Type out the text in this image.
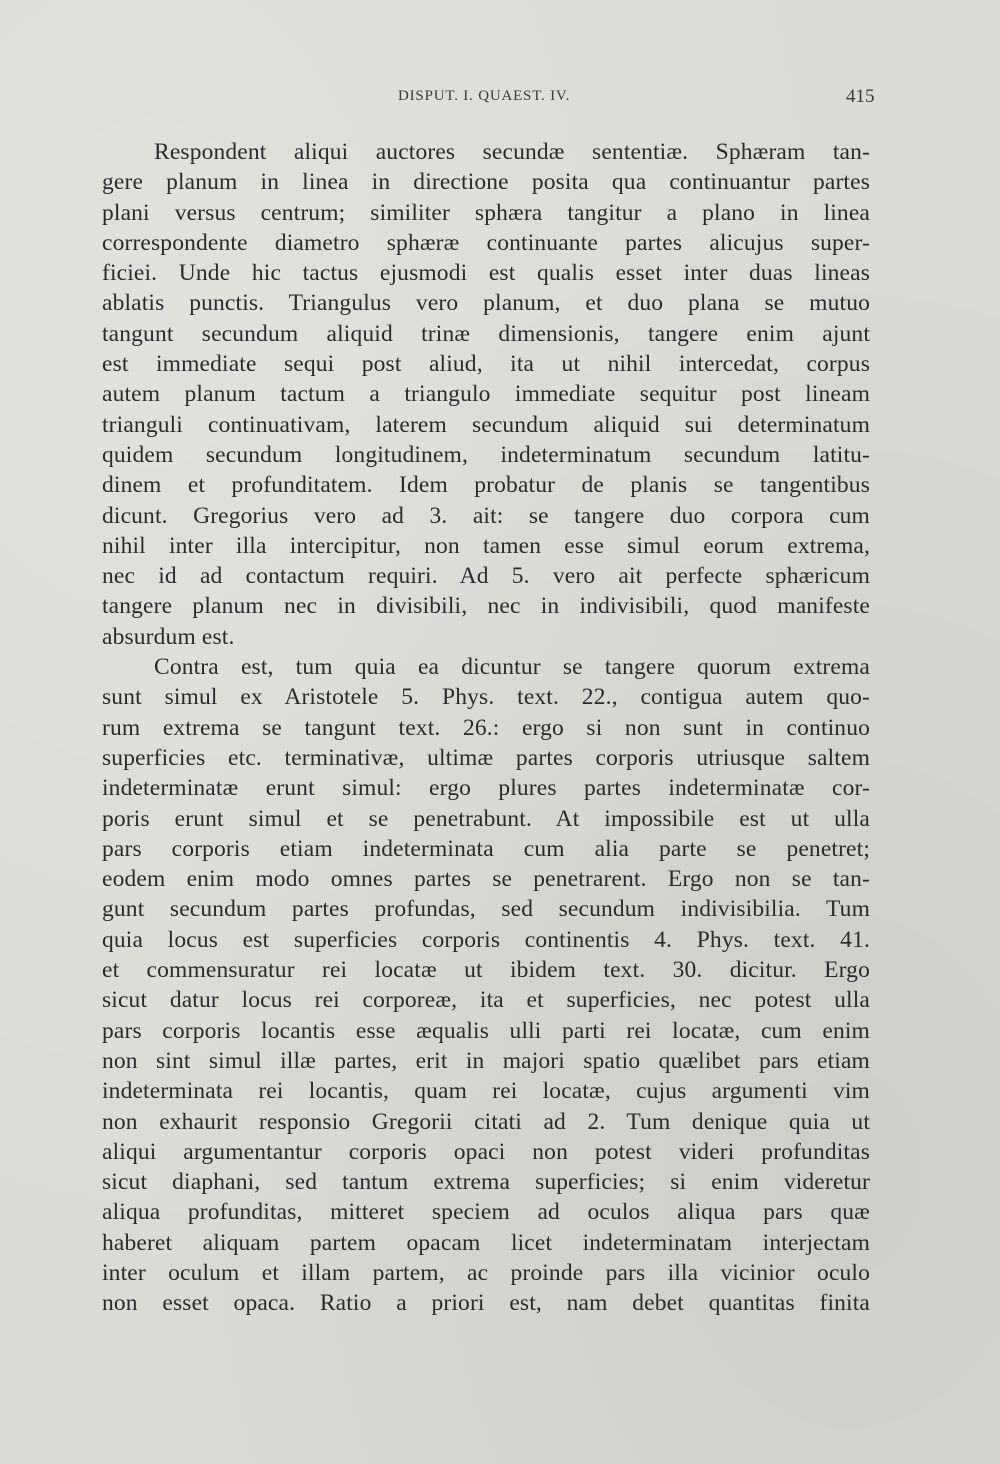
DISPUT. I. QUAEST. IV.	415
Respondent aliqui auctores secundæ sententiæ. Sphæram tan-
gere planum in linea in directione posita qua continuantur partes
plani versus centrum; similiter sphæra tangitur a plano in linea
correspondente diametro sphæræ continuante partes alicujus super-
ficiei. Unde hic tactus ejusmodi est qualis esset inter duas lineas
ablatis punctis. Triangulus vero planum, et duo plana se mutuo
tangunt secundum aliquid trinæ dimensionis, tangere enim ajunt
est immediate sequi post aliud, ita ut nihil intercedat, corpus
autem planum tactum a triangulo immediate sequitur post lineam
trianguli continuativam, laterem secundum aliquid sui determinatum
quidem secundum longitudinem, indeterminatum secundum latitu-
dinem et profunditatem. Idem probatur de planis se tangentibus
dicunt. Gregorius vero ad 3. ait: se tangere duo corpora cum
nihil inter illa intercipitur, non tamen esse simul eorum extrema,
nec id ad contactum requiri. Ad 5. vero ait perfecte sphæricum
tangere planum nec in divisibili, nec in indivisibili, quod manifeste
absurdum est.
Contra est, tum quia ea dicuntur se tangere quorum extrema
sunt simul ex Aristotele 5. Phys. text. 22., contigua autem quo-
rum extrema se tangunt text. 26.: ergo si non sunt in continuo
superficies etc. terminativæ, ultimæ partes corporis utriusque saltem
indeterminatæ erunt simul: ergo plures partes indeterminatæ cor-
poris erunt simul et se penetrabunt. At impossibile est ut ulla
pars corporis etiam indeterminata cum alia parte se penetret;
eodem enim modo omnes partes se penetrarent. Ergo non se tan-
gunt secundum partes profundas, sed secundum indivisibilia. Tum
quia locus est superficies corporis continentis 4. Phys. text. 41.
et commensuratur rei locatæ ut ibidem text. 30. dicitur. Ergo
sicut datur locus rei corporeæ, ita et superficies, nec potest ulla
pars corporis locantis esse æqualis ulli parti rei locatæ, cum enim
non sint simul illæ partes, erit in majori spatio quælibet pars etiam
indeterminata rei locantis, quam rei locatæ, cujus argumenti vim
non exhaurit responsio Gregorii citati ad 2. Tum denique quia ut
aliqui argumentantur corporis opaci non potest videri profunditas
sicut diaphani, sed tantum extrema superficies; si enim videretur
aliqua profunditas, mitteret speciem ad oculos aliqua pars quæ
haberet aliquam partem opacam licet indeterminatam interjectam
inter oculum et illam partem, ac proinde pars illa vicinior oculo
non esset opaca. Ratio a priori est, nam debet quantitas finita
